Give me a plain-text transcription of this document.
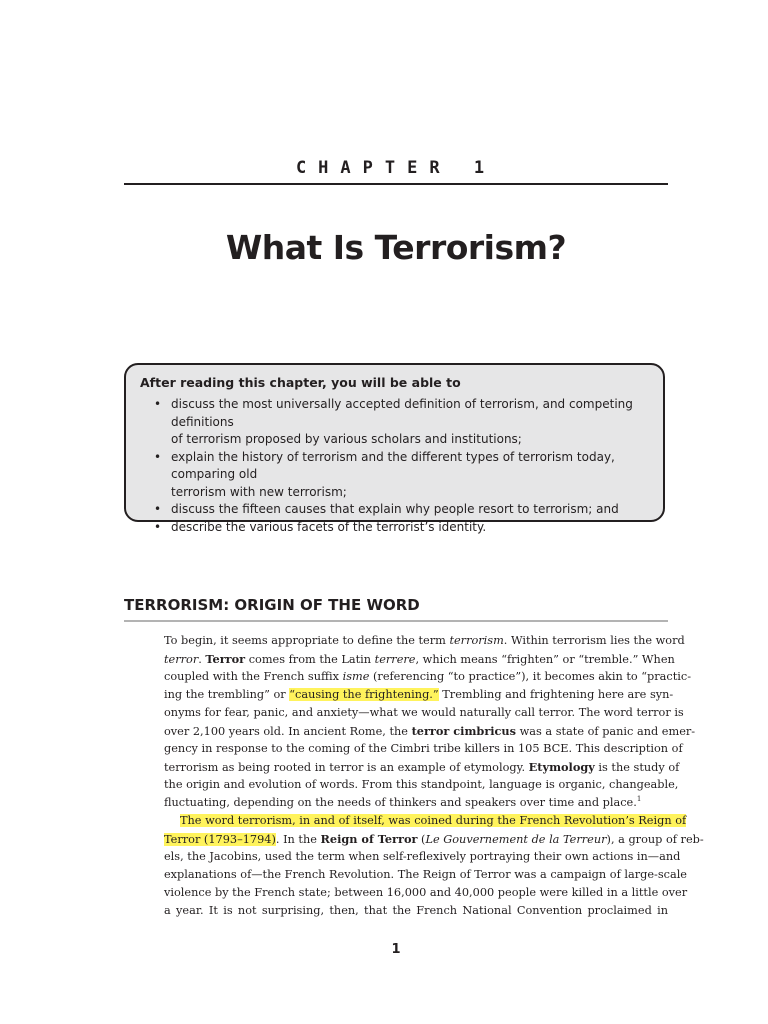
CHAPTER 1
What Is Terrorism?

After reading this chapter, you will be able to

• discuss the most universally accepted definition of terrorism, and competing definitions
of terrorism proposed by various scholars and institutions;
• explain the history of terrorism and the different types of terrorism today, comparing old
terrorism with new terrorism;
• discuss the fifteen causes that explain why people resort to terrorism; and
• describe the various facets of the terrorist’s identity.
TERRORISM: ORIGIN OF THE WORD
To begin, it seems appropriate to define the term terrorism. Within terrorism lies the word
terror. Terror comes from the Latin terrere, which means “frighten” or “tremble.” When
coupled with the French suffix isme (referencing “to practice”), it becomes akin to “practic-
ing the trembling” or “causing the frightening.” Trembling and frightening here are syn-
onyms for fear, panic, and anxiety—what we would naturally call terror. The word terror is
over 2,100 years old. In ancient Rome, the terror cimbricus was a state of panic and emer-
gency in response to the coming of the Cimbri tribe killers in 105 BCE. This description of
terrorism as being rooted in terror is an example of etymology. Etymology is the study of
the origin and evolution of words. From this standpoint, language is organic, changeable,
fluctuating, depending on the needs of thinkers and speakers over time and place.$^1$
The word terrorism, in and of itself, was coined during the French Revolution’s Reign of
Terror (1793–1794). In the Reign of Terror (Le Gouvernement de la Terreur), a group of reb-
els, the Jacobins, used the term when self-reflexively portraying their own actions in—and
explanations of—the French Revolution. The Reign of Terror was a campaign of large-scale
violence by the French state; between 16,000 and 40,000 people were killed in a little over
a year. It is not surprising, then, that the French National Convention proclaimed in
1
